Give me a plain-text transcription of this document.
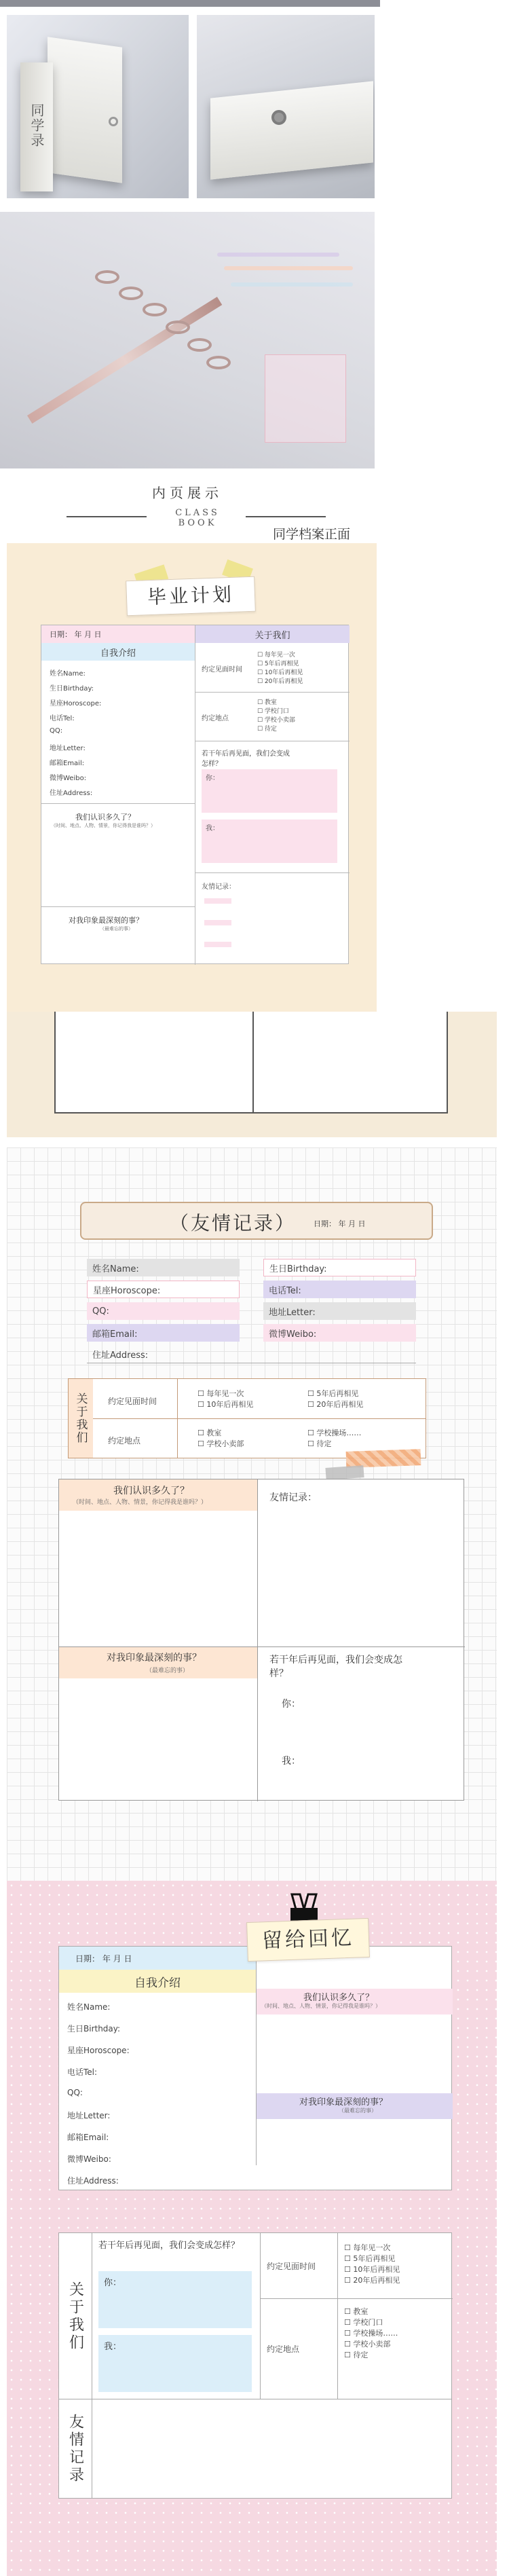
同学录
内页展示
CLASS BOOK
同学档案正面
毕业计划
日期： 年 月 日
自我介绍
姓名Name:
生日Birthday:
星座Horoscope:
电话Tel:
QQ:
地址Letter:
邮箱Email:
微博Weibo:
住址Address:
我们认识多久了？
（时间、地点、人物、情景，你记得我是谁吗？）
对我印象最深刻的事？
（最难忘的事）
关于我们
约定见面时间
☐ 每年见一次
☐ 5年后再相见
☐ 10年后再相见
☐ 20年后再相见
约定地点
☐ 教室
☐ 学校门口
☐ 学校小卖部
☐ 待定
若干年后再见面，我们会变成怎样？
你：
我：
友情记录：
（友情记录） 日期： 年 月 日
姓名Name:
星座Horoscope:
QQ:
邮箱Email:
生日Birthday:
电话Tel:
地址Letter:
微博Weibo:
住址Address:
关于我们	约定见面时间
☐ 每年见一次
☐ 10年后再相见
☐ 5年后再相见
☐ 20年后再相见
约定地点
☐ 教室
☐ 学校小卖部
☐ 学校操场……
☐ 待定
我们认识多久了？
（时间、地点、人物、情景，你记得我是谁吗？）	友情记录：
对我印象最深刻的事？
（最难忘的事）
若干年后再见面，我们会变成怎样？
你：
我：
日期： 年 月 日
自我介绍
姓名Name:
生日Birthday:
星座Horoscope:
电话Tel:
QQ:
地址Letter:
邮箱Email:
微博Weibo:
住址Address:
我们认识多久了？
（时间、地点、人物、情景，你记得我是谁吗？）
对我印象最深刻的事？
（最难忘的事）
留给回忆
关于我们
若干年后再见面，我们会变成怎样？
你：
我：
约定见面时间
☐ 每年见一次
☐ 5年后再相见
☐ 10年后再相见
☐ 20年后再相见
约定地点
☐ 教室
☐ 学校门口
☐ 学校操场……
☐ 学校小卖部
☐ 待定
友情记录
